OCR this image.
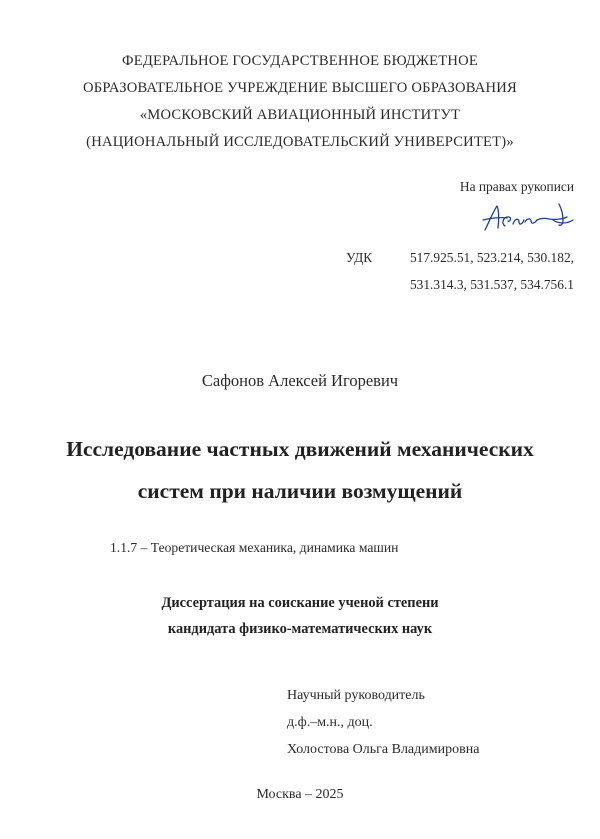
ФЕДЕРАЛЬНОЕ ГОСУДАРСТВЕННОЕ БЮДЖЕТНОЕ
ОБРАЗОВАТЕЛЬНОЕ УЧРЕЖДЕНИЕ ВЫСШЕГО ОБРАЗОВАНИЯ
«МОСКОВСКИЙ АВИАЦИОННЫЙ ИНСТИТУТ
(НАЦИОНАЛЬНЫЙ ИССЛЕДОВАТЕЛЬСКИЙ УНИВЕРСИТЕТ)»
На правах рукописи
УДК	517.925.51, 523.214, 530.182,
531.314.3, 531.537, 534.756.1
Сафонов Алексей Игоревич
Исследование частных движений механических
систем при наличии возмущений
1.1.7 – Теоретическая механика, динамика машин
Диссертация на соискание ученой степени
кандидата физико-математических наук
Научный руководитель
д.ф.–м.н., доц.
Холостова Ольга Владимировна
Москва – 2025
